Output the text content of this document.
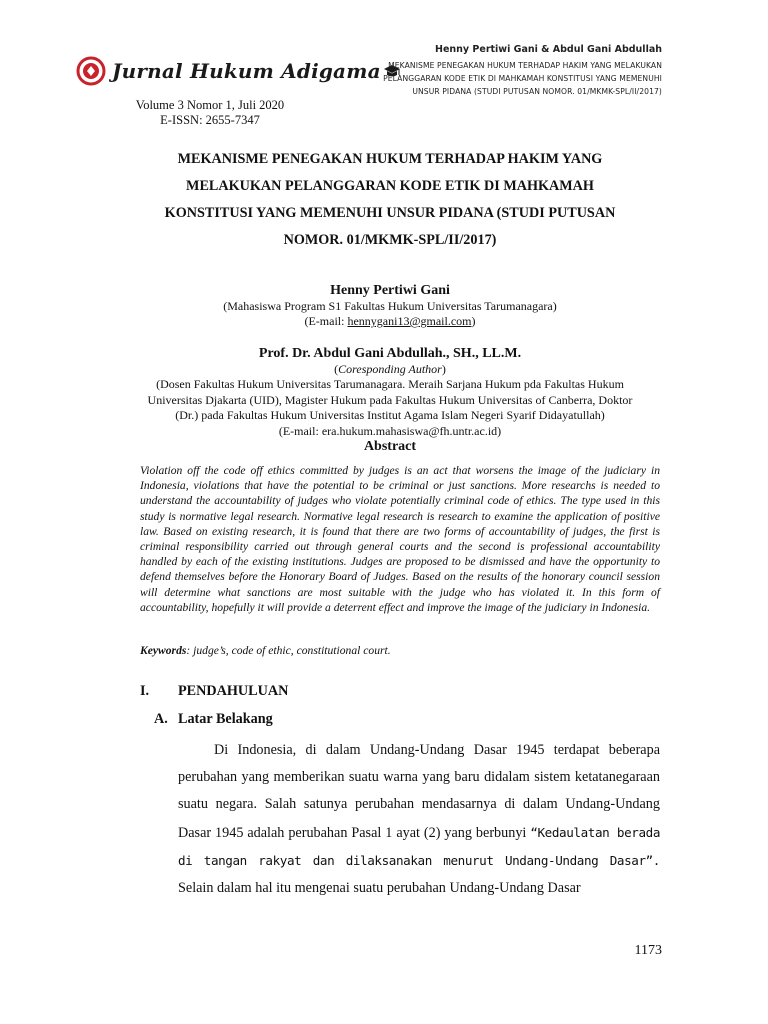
Jurnal Hukum Adigama
Volume 3 Nomor 1, Juli 2020
E-ISSN: 2655-7347
Henny Pertiwi Gani & Abdul Gani Abdullah
MEKANISME PENEGAKAN HUKUM TERHADAP HAKIM YANG MELAKUKAN
PELANGGARAN KODE ETIK DI MAHKAMAH KONSTITUSI YANG MEMENUHI
UNSUR PIDANA (STUDI PUTUSAN NOMOR. 01/MKMK-SPL/II/2017)
MEKANISME PENEGAKAN HUKUM TERHADAP HAKIM YANG
MELAKUKAN PELANGGARAN KODE ETIK DI MAHKAMAH
KONSTITUSI YANG MEMENUHI UNSUR PIDANA (STUDI PUTUSAN
NOMOR. 01/MKMK-SPL/II/2017)
Henny Pertiwi Gani
(Mahasiswa Program S1 Fakultas Hukum Universitas Tarumanagara)
(E-mail: hennygani13@gmail.com)
Prof. Dr. Abdul Gani Abdullah., SH., LL.M.
(Coresponding Author)
(Dosen Fakultas Hukum Universitas Tarumanagara. Meraih Sarjana Hukum pda Fakultas Hukum
Universitas Djakarta (UID), Magister Hukum pada Fakultas Hukum Universitas of Canberra, Doktor
(Dr.) pada Fakultas Hukum Universitas Institut Agama Islam Negeri Syarif Didayatullah)
(E-mail: era.hukum.mahasiswa@fh.untr.ac.id)
Abstract
Violation off the code off ethics committed by judges is an act that worsens the image of the judiciary in Indonesia, violations that have the potential to be criminal or just sanctions. More researchs is needed to understand the accountability of judges who violate potentially criminal code of ethics. The type used in this study is normative legal research. Normative legal research is research to examine the application of positive law. Based on existing research, it is found that there are two forms of accountability of judges, the first is criminal responsibility carried out through general courts and the second is professional accountability handled by each of the existing institutions. Judges are proposed to be dismissed and have the opportunity to defend themselves before the Honorary Board of Judges. Based on the results of the honorary council session will determine what sanctions are most suitable with the judge who has violated it. In this form of accountability, hopefully it will provide a deterrent effect and improve the image of the judiciary in Indonesia.
Keywords: judge’s, code of ethic, constitutional court.
I. PENDAHULUAN
A. Latar Belakang
Di Indonesia, di dalam Undang-Undang Dasar 1945 terdapat beberapa perubahan yang memberikan suatu warna yang baru didalam sistem ketatanegaraan suatu negara. Salah satunya perubahan mendasarnya di dalam Undang-Undang Dasar 1945 adalah perubahan Pasal 1 ayat (2) yang berbunyi “Kedaulatan berada di tangan rakyat dan dilaksanakan menurut Undang-Undang Dasar”. Selain dalam hal itu mengenai suatu perubahan Undang-Undang Dasar
1173
